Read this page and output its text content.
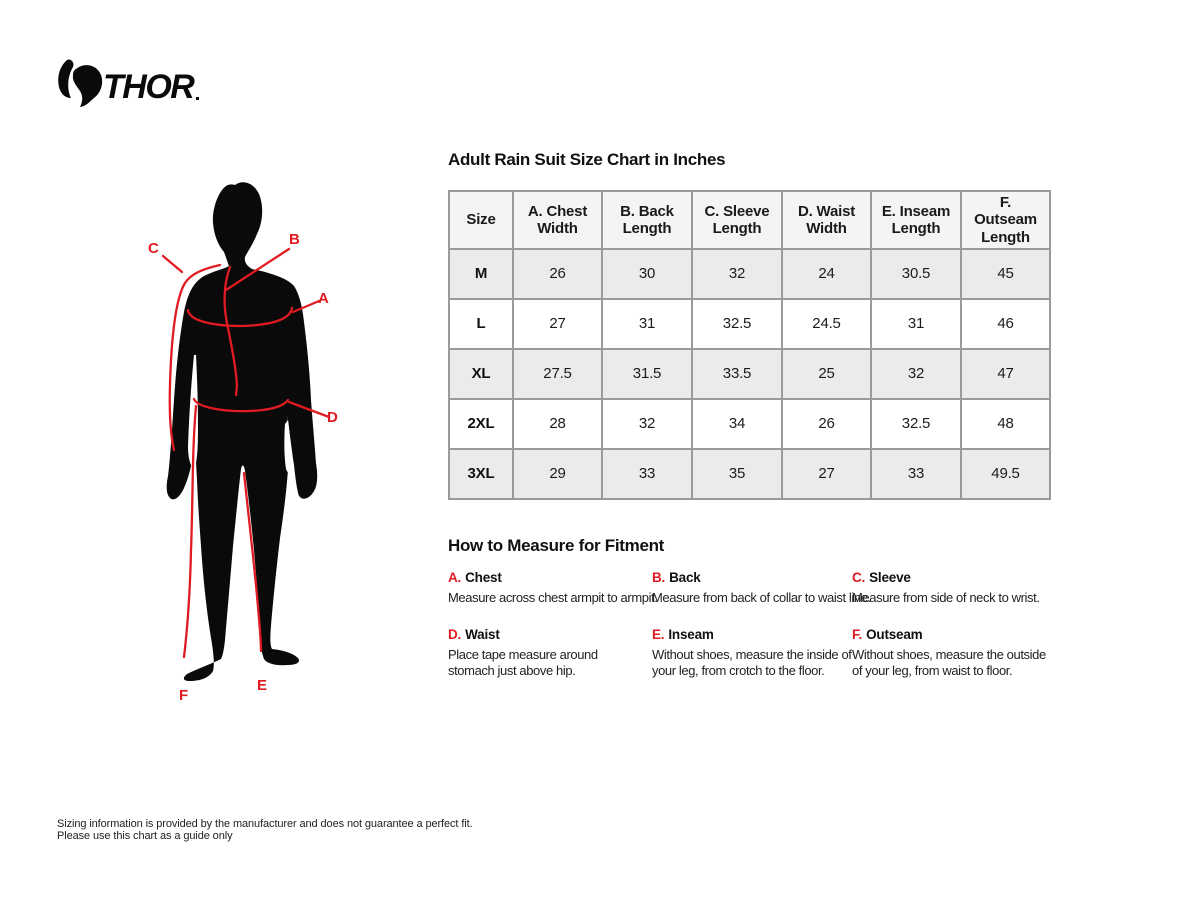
THOR
C
B
A
D
E
F
Adult Rain Suit Size Chart in Inches
Size	A. Chest Width	B. Back Length	C. Sleeve Length	D. Waist Width	E. Inseam Length	F. Outseam Length
M	26	30	32	24	30.5	45
L	27	31	32.5	24.5	31	46
XL	27.5	31.5	33.5	25	32	47
2XL	28	32	34	26	32.5	48
3XL	29	33	35	27	33	49.5
How to Measure for Fitment
A. Chest
Measure across chest armpit to armpit.
B. Back
Measure from back of collar to waist line.
C. Sleeve
Measure from side of neck to wrist.
D. Waist
Place tape measure around stomach just above hip.
E. Inseam
Without shoes, measure the inside of your leg, from crotch to the floor.
F. Outseam
Without shoes, measure the outside of your leg, from waist to floor.
Sizing information is provided by the manufacturer and does not guarantee a perfect fit.
Please use this chart as a guide only
